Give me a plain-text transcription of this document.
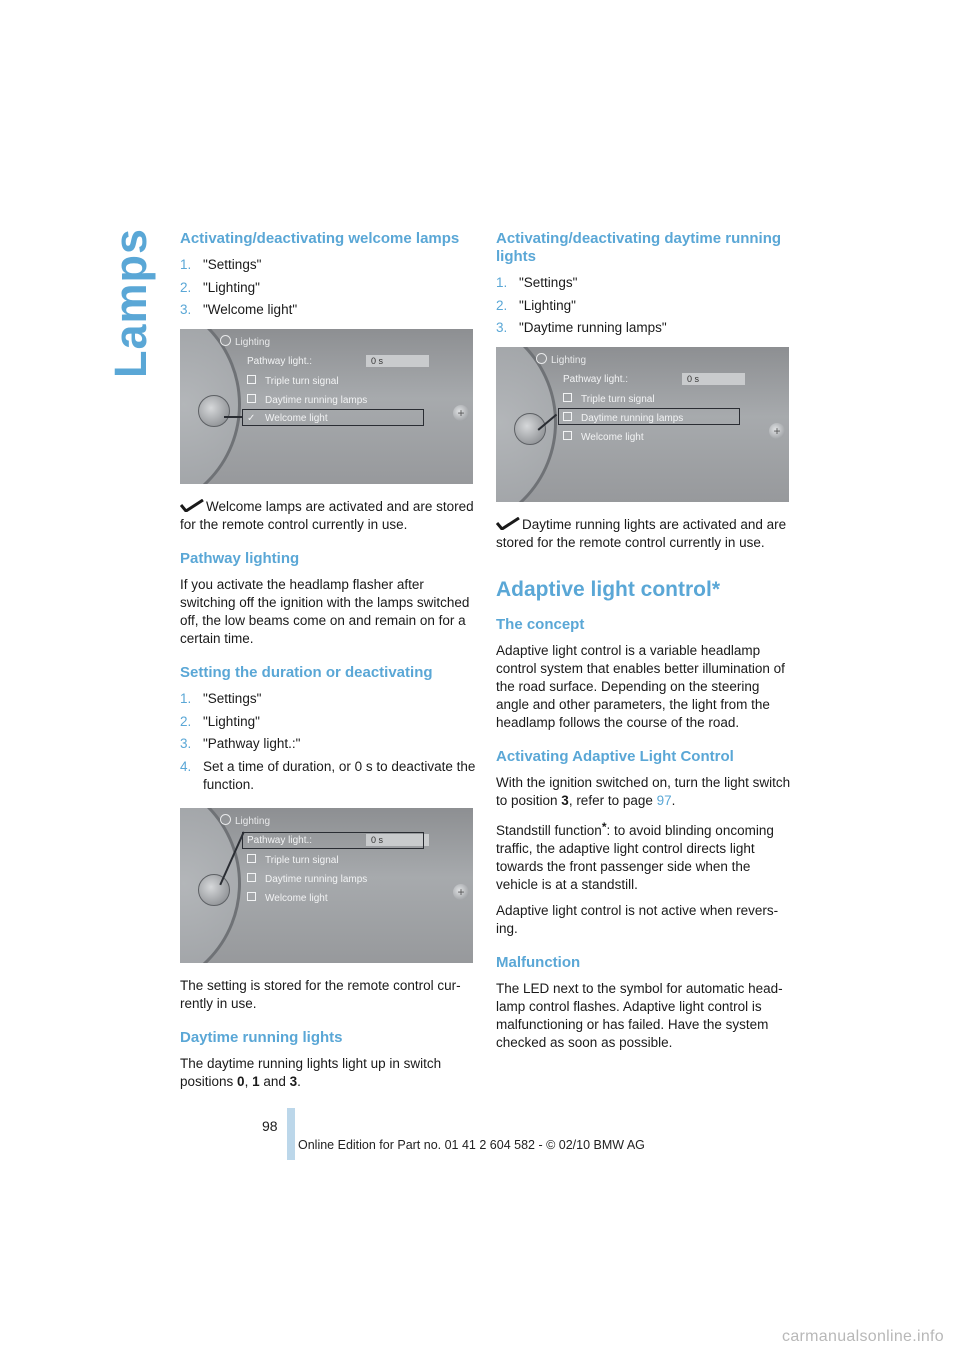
Lamps Activating/deactivating welcome lamps
1. "Settings"
2. "Lighting"
3. "Welcome light"
+
Lighting
Pathway light.:	0 s
Triple turn signal
Daytime running lamps
✓ Welcome light

Welcome lamps are activated and are stored for the remote control currently in use.

Pathway lighting

If you activate the headlamp flasher after switching off the ignition with the lamps switched off, the low beams come on and remain on for a certain time.

Setting the duration or deactivating
1. "Settings"
2. "Lighting"
3. "Pathway light.:"
4. Set a time of duration, or 0 s to deactivate the function.
+
Lighting
Pathway light.:	0 s
Triple turn signal
Daytime running lamps
Welcome light

The setting is stored for the remote control cur-rently in use.

Daytime running lights

The daytime running lights light up in switch positions 0, 1 and 3.

Activating/deactivating daytime running lights
1. "Settings"
2. "Lighting"
3. "Daytime running lamps"
+
Lighting
Pathway light.:	0 s
Triple turn signal
Daytime running lamps
Welcome light

Daytime running lights are activated and are stored for the remote control currently in use.

Adaptive light control*
The concept

Adaptive light control is a variable headlamp control system that enables better illumination of the road surface. Depending on the steering angle and other parameters, the light from the headlamp follows the course of the road.

Activating Adaptive Light Control

With the ignition switched on, turn the light switch to position 3, refer to page 97.

Standstill function*: to avoid blinding oncoming traffic, the adaptive light control directs light towards the front passenger side when the vehicle is at a standstill.

Adaptive light control is not active when revers-ing.

Malfunction

The LED next to the symbol for automatic head-lamp control flashes. Adaptive light control is malfunctioning or has failed. Have the system checked as soon as possible.

98
Online Edition for Part no. 01 41 2 604 582 - © 02/10 BMW AG
carmanualsonline.info
